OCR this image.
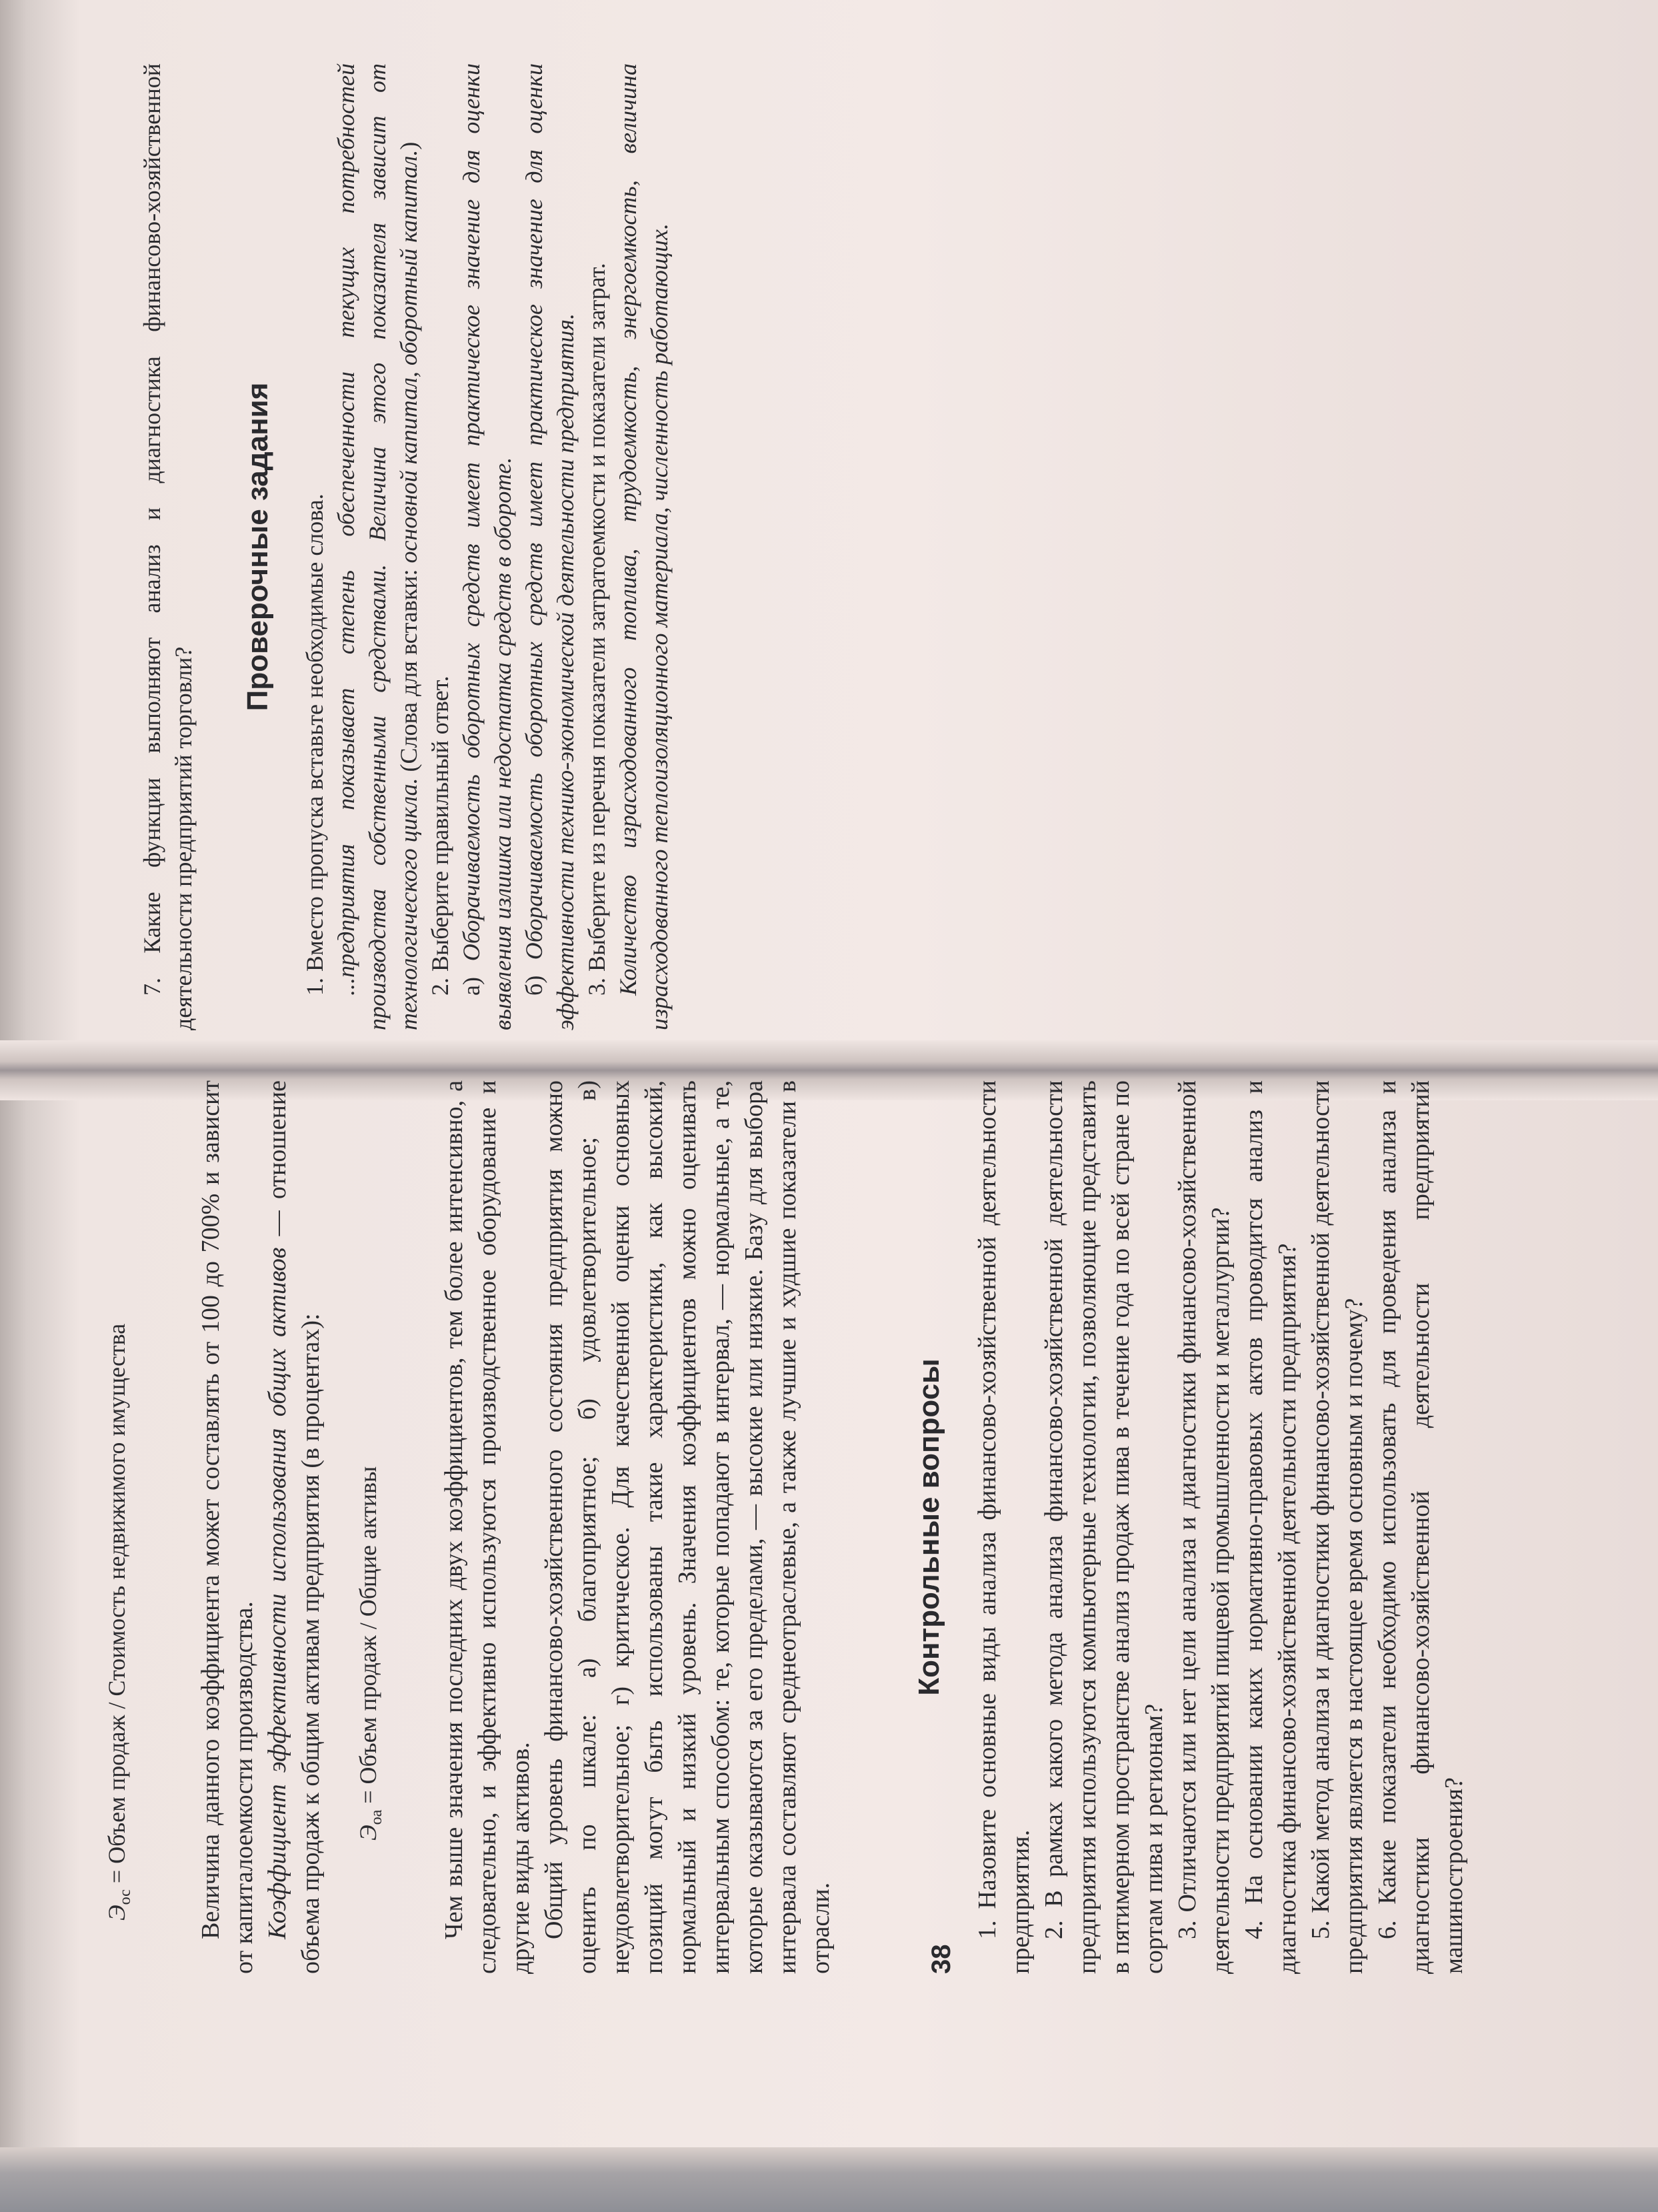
7. Какие функции выполняют анализ и диагностика финансово-хозяйственной деятельности предприятий торговли?

Проверочные задания 1. Вместо пропуска вставьте необходимые слова. ...предприятия показывает степень обеспеченности текущих потребностей производства собственными средствами. Величина этого показателя зависит от технологического цикла. (Слова для вставки: основной капитал, оборотный капитал.)

2. Выберите правильный ответ. а) Оборачиваемость оборотных средств имеет практическое значение для оценки выявления излишка или недостатка средств в обороте. б) Оборачиваемость оборотных средств имеет практическое значение для оценки эффективности технико-экономической деятельности предприятия. 3. Выберите из перечня показатели затратоемкости и показатели затрат. Количество израсходованного топлива, трудоемкость, энергоемкость, величина израсходованного теплоизоляционного материала, численность работающих.

$Э_{ос}$ = Объем продаж / Стоимость недвижимого имущества	Величина данного коэффициента может составлять от 100 до 700% и зависит от капиталоемкости производства. Коэффициент эффективности использования общих активов — отношение объема продаж к общим активам предприятия (в процентах): $Э_{оа}$ = Объем продаж / Общие активы	Чем выше значения последних двух коэффициентов, тем более интенсивно, а следовательно, и эффективно используются производственное оборудование и другие виды активов. Общий уровень финансово-хозяйственного состояния предприятия можно оценить по шкале: а) благоприятное; б) удовлетворительное; в) неудовлетворительное; г) критическое. Для качественной оценки основных позиций могут быть использованы такие характеристики, как высокий, нормальный и низкий уровень. Значения коэффициентов можно оценивать интервальным способом: те, которые попадают в интервал, — нормальные, а те, которые оказываются за его пределами, — высокие или низкие. Базу для выбора интервала составляют среднеотраслевые, а также лучшие и худшие показатели в отрасли.

Контрольные вопросы 1. Назовите основные виды анализа финансово-хозяйственной деятельности предприятия. 2. В рамках какого метода анализа финансово-хозяйственной деятельности предприятия используются компьютерные технологии, позволяющие представить в пятимерном пространстве анализ продаж пива в течение года по всей стране по сортам пива и регионам? 3. Отличаются или нет цели анализа и диагностики финансово-хозяйственной деятельности предприятий пищевой промышленности и металлургии? 4. На основании каких нормативно-правовых актов проводится анализ и диагностика финансово-хозяйственной деятельности предприятия? 5. Какой метод анализа и диагностики финансово-хозяйственной деятельности предприятия является в настоящее время основным и почему? 6. Какие показатели необходимо использовать для проведения анализа и диагностики финансово-хозяйственной деятельности предприятий машиностроения?

38
